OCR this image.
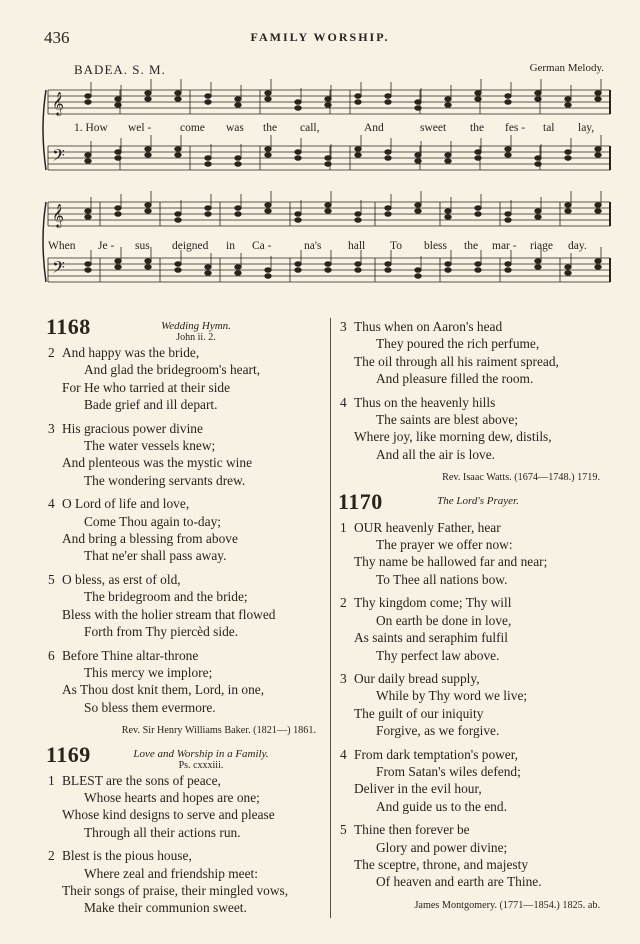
436	FAMILY WORSHIP.
BADEA. S. M.	German Melody.
𝄞
𝄢
𝄞
𝄢
1. How wel - come was the call,	And	sweet the fes - tal lay,
When Je - sus deigned in Ca -	na's hall To bless the mar - riage day.
1168	Wedding Hymn.
John ii. 2.
2 And happy was the bride,
And glad the bridegroom's heart,
For He who tarried at their side
Bade grief and ill depart.
3 His gracious power divine
The water vessels knew;
And plenteous was the mystic wine
The wondering servants drew.
4 O Lord of life and love,
Come Thou again to-day;
And bring a blessing from above
That ne'er shall pass away.
5 O bless, as erst of old,
The bridegroom and the bride;
Bless with the holier stream that flowed
Forth from Thy piercèd side.
6 Before Thine altar-throne
This mercy we implore;
As Thou dost knit them, Lord, in one,
So bless them evermore.
Rev. Sir Henry Williams Baker. (1821—) 1861.
1169	Love and Worship in a Family.
Ps. cxxxiii.
1 BLEST are the sons of peace,
Whose hearts and hopes are one;
Whose kind designs to serve and please
Through all their actions run.
2 Blest is the pious house,
Where zeal and friendship meet:
Their songs of praise, their mingled vows,
Make their communion sweet.
3 Thus when on Aaron's head
They poured the rich perfume,
The oil through all his raiment spread,
And pleasure filled the room.
4 Thus on the heavenly hills
The saints are blest above;
Where joy, like morning dew, distils,
And all the air is love.
Rev. Isaac Watts. (1674—1748.) 1719.
1170	The Lord's Prayer.
1 OUR heavenly Father, hear
The prayer we offer now:
Thy name be hallowed far and near;
To Thee all nations bow.
2 Thy kingdom come; Thy will
On earth be done in love,
As saints and seraphim fulfil
Thy perfect law above.
3 Our daily bread supply,
While by Thy word we live;
The guilt of our iniquity
Forgive, as we forgive.
4 From dark temptation's power,
From Satan's wiles defend;
Deliver in the evil hour,
And guide us to the end.
5 Thine then forever be
Glory and power divine;
The sceptre, throne, and majesty
Of heaven and earth are Thine.
James Montgomery. (1771—1854.) 1825. ab.
